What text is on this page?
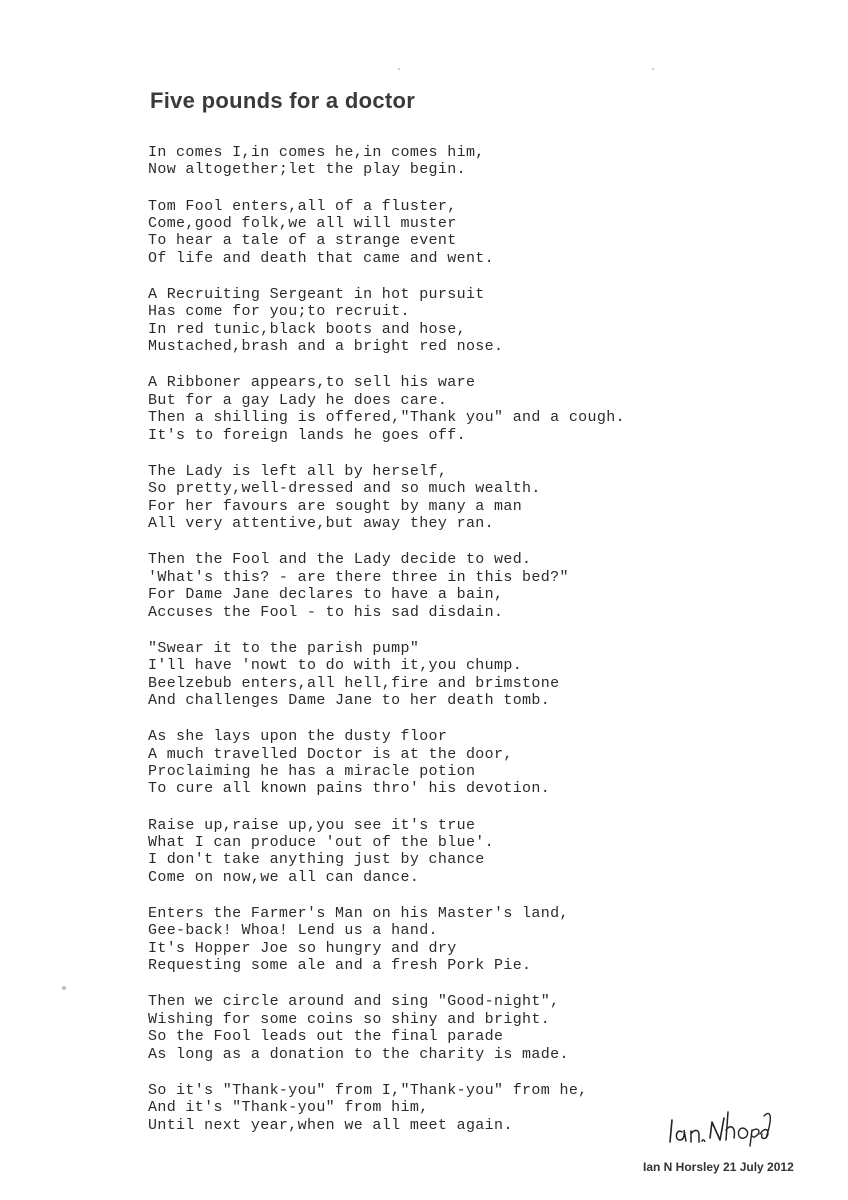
Five pounds for a doctor
In comes I,in comes he,in comes him,
Now altogether;let the play begin.
Tom Fool enters,all of a fluster,
Come,good folk,we all will muster
To hear a tale of a strange event
Of life and death that came and went.
A Recruiting Sergeant in hot pursuit
Has come for you;to recruit.
In red tunic,black boots and hose,
Mustached,brash and a bright red nose.
A Ribboner appears,to sell his ware
But for a gay Lady he does care.
Then a shilling is offered,"Thank you" and a cough.
It's to foreign lands he goes off.
The Lady is left all by herself,
So pretty,well-dressed and so much wealth.
For her favours are sought by many a man
All very attentive,but away they ran.
Then the Fool and the Lady decide to wed.
'What's this? - are there three in this bed?"
For Dame Jane declares to have a bain,
Accuses the Fool - to his sad disdain.
"Swear it to the parish pump"
I'll have 'nowt to do with it,you chump.
Beelzebub enters,all hell,fire and brimstone
And challenges Dame Jane to her death tomb.
As she lays upon the dusty floor
A much travelled Doctor is at the door,
Proclaiming he has a miracle potion
To cure all known pains thro' his devotion.
Raise up,raise up,you see it's true
What I can produce 'out of the blue'.
I don't take anything just by chance
Come on now,we all can dance.
Enters the Farmer's Man on his Master's land,
Gee-back! Whoa! Lend us a hand.
It's Hopper Joe so hungry and dry
Requesting some ale and a fresh Pork Pie.
Then we circle around and sing "Good-night",
Wishing for some coins so shiny and bright.
So the Fool leads out the final parade
As long as a donation to the charity is made.
So it's "Thank-you" from I,"Thank-you" from he,
And it's "Thank-you" from him,
Until next year,when we all meet again.
Ian N Horsley 21 July 2012
